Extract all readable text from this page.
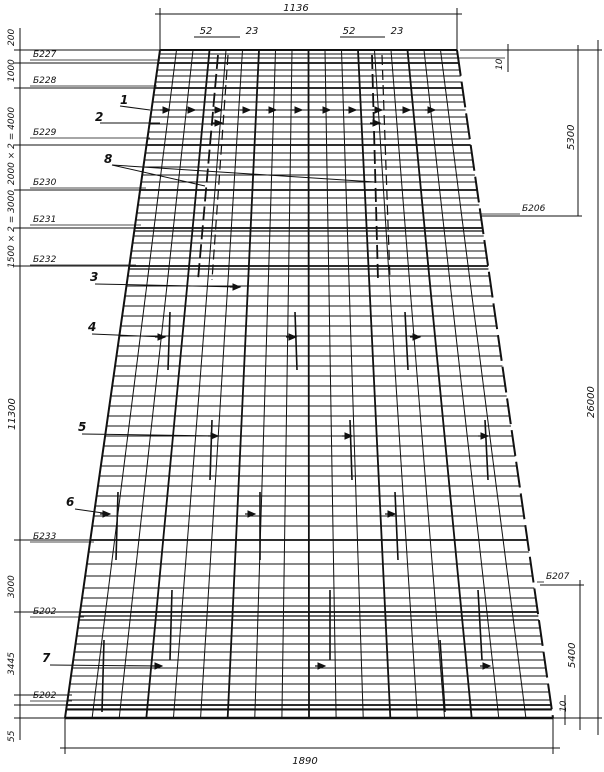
1136
1890
52	23	52	23
200
1000
2000 × 2 = 4000
1500 × 2 = 3000
11300
3000
3445
55
10
5300
26000
5400
10
Б227
Б228
Б229
Б230
Б231
Б232
Б233
Б202
Б202
Б206
Б207
1
2
3
4
5
6
7
8
